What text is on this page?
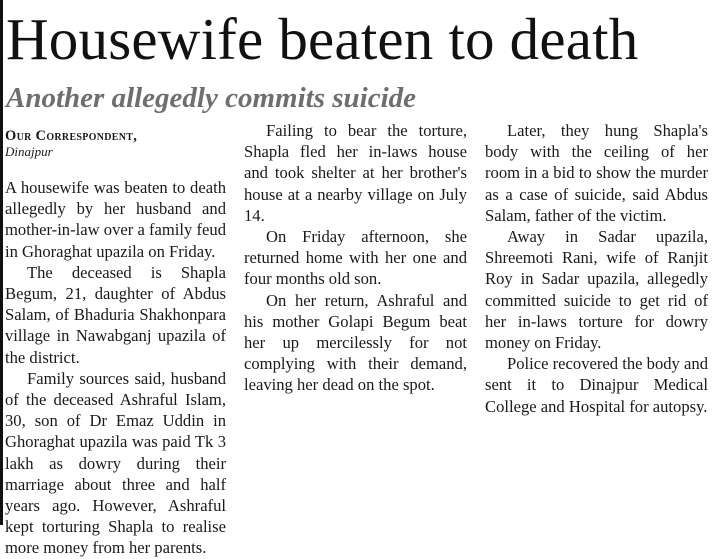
Housewife beaten to death
Another allegedly commits suicide
Our Correspondent,
Dinajpur

A housewife was beaten to death allegedly by her husband and mother-in-law over a family feud in Ghoraghat upazila on Friday.

The deceased is Shapla Begum, 21, daughter of Abdus Salam, of Bhaduria Shakhonpara village in Nawabganj upazila of the district.

Family sources said, husband of the deceased Ashraful Islam, 30, son of Dr Emaz Uddin in Ghoraghat upazila was paid Tk 3 lakh as dowry during their marriage about three and half years ago. However, Ashraful kept torturing Shapla to realise more money from her parents.

Failing to bear the torture, Shapla fled her in-laws house and took shelter at her brother's house at a nearby village on July 14.

On Friday afternoon, she returned home with her one and four months old son.

On her return, Ashraful and his mother Golapi Begum beat her up mercilessly for not complying with their demand, leaving her dead on the spot.

Later, they hung Shapla's body with the ceiling of her room in a bid to show the murder as a case of suicide, said Abdus Salam, father of the victim.

Away in Sadar upazila, Shreemoti Rani, wife of Ranjit Roy in Sadar upazila, allegedly committed suicide to get rid of her in-laws torture for dowry money on Friday.

Police recovered the body and sent it to Dinajpur Medical College and Hospital for autopsy.
